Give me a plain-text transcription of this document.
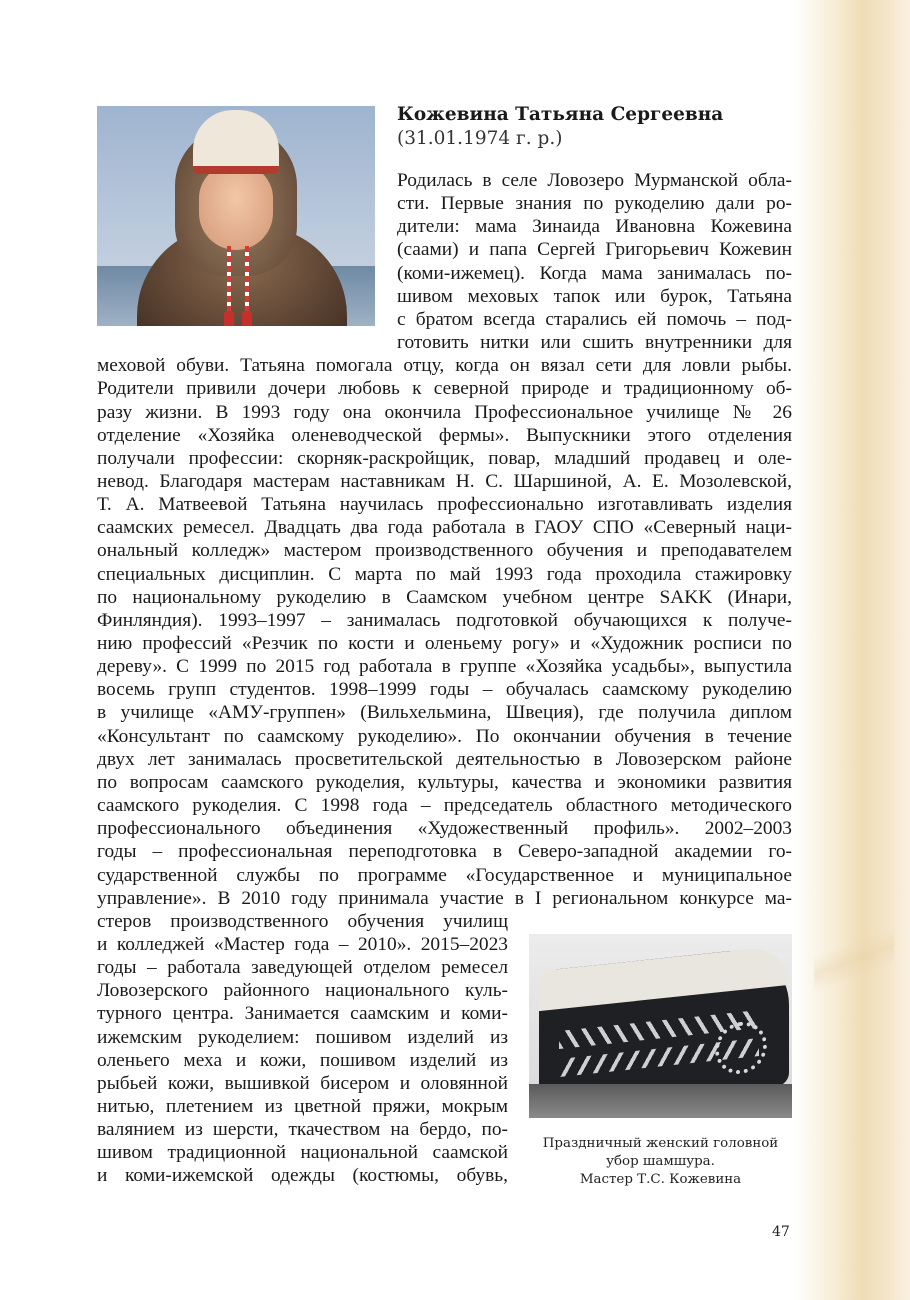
Кожевина Татьяна Сергеевна
(31.01.1974 г. р.)
Родилась в селе Ловозеро Мурманской обла-
сти. Первые знания по рукоделию дали ро-
дители: мама Зинаида Ивановна Кожевина
(саами) и папа Сергей Григорьевич Кожевин
(коми-ижемец). Когда мама занималась по-
шивом меховых тапок или бурок, Татьяна
с братом всегда старались ей помочь – под-
готовить нитки или сшить внутренники для
меховой обуви. Татьяна помогала отцу, когда он вязал сети для ловли рыбы.
Родители привили дочери любовь к северной природе и традиционному об-
разу жизни. В 1993 году она окончила Профессиональное училище № 26
отделение «Хозяйка оленеводческой фермы». Выпускники этого отделения
получали профессии: скорняк-раскройщик, повар, младший продавец и оле-
невод. Благодаря мастерам наставникам Н. С. Шаршиной, А. Е. Мозолевской,
Т. А. Матвеевой Татьяна научилась профессионально изготавливать изделия
саамских ремесел. Двадцать два года работала в ГАОУ СПО «Северный наци-
ональный колледж» мастером производственного обучения и преподавателем
специальных дисциплин. С марта по май 1993 года проходила стажировку
по национальному рукоделию в Саамском учебном центре SAKK (Инари,
Финляндия). 1993–1997 – занималась подготовкой обучающихся к получе-
нию профессий «Резчик по кости и оленьему рогу» и «Художник росписи по
дереву». С 1999 по 2015 год работала в группе «Хозяйка усадьбы», выпустила
восемь групп студентов. 1998–1999 годы – обучалась саамскому рукоделию
в училище «АМУ-группен» (Вильхельмина, Швеция), где получила диплом
«Консультант по саамскому рукоделию». По окончании обучения в течение
двух лет занималась просветительской деятельностью в Ловозерском районе
по вопросам саамского рукоделия, культуры, качества и экономики развития
саамского рукоделия. С 1998 года – председатель областного методического
профессионального объединения «Художественный профиль». 2002–2003
годы – профессиональная переподготовка в Северо-западной академии го-
сударственной службы по программе «Государственное и муниципальное
управление». В 2010 году принимала участие в I региональном конкурсе ма-
стеров производственного обучения училищ
и колледжей «Мастер года – 2010». 2015–2023
годы – работала заведующей отделом ремесел
Ловозерского районного национального куль-
турного центра. Занимается саамским и коми-
ижемским рукоделием: пошивом изделий из
оленьего меха и кожи, пошивом изделий из
рыбьей кожи, вышивкой бисером и оловянной
нитью, плетением из цветной пряжи, мокрым
валянием из шерсти, ткачеством на бердо, по-
шивом традиционной национальной саамской
и коми-ижемской одежды (костюмы, обувь,
Праздничный женский головной
убор шамшура.
Мастер Т.С. Кожевина
47
